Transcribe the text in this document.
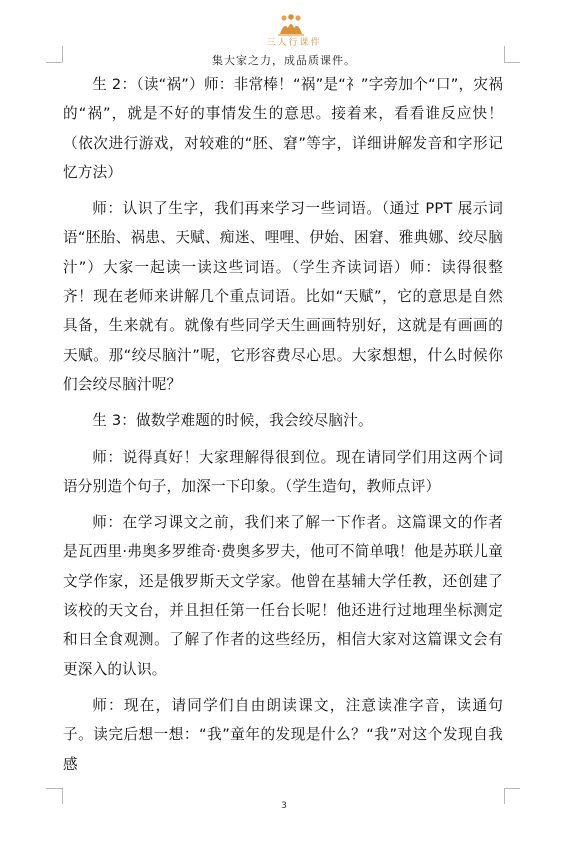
三人行课件
集大家之力，成品质课件。

生 2：（读“祸”）师：非常棒！“祸”是“礻”字旁加个“口”，灾祸的“祸”，就是不好的事情发生的意思。接着来，看看谁反应快！（依次进行游戏，对较难的“胚、窘”等字，详细讲解发音和字形记忆方法）

师：认识了生字，我们再来学习一些词语。（通过 PPT 展示词语“胚胎、祸患、天赋、痴迷、哩哩、伊始、困窘、雅典娜、绞尽脑汁”）大家一起读一读这些词语。（学生齐读词语）师：读得很整齐！现在老师来讲解几个重点词语。比如“天赋”，它的意思是自然具备，生来就有。就像有些同学天生画画特别好，这就是有画画的天赋。那“绞尽脑汁”呢，它形容费尽心思。大家想想，什么时候你们会绞尽脑汁呢？

生 3：做数学难题的时候，我会绞尽脑汁。

师：说得真好！大家理解得很到位。现在请同学们用这两个词语分别造个句子，加深一下印象。（学生造句，教师点评）

师：在学习课文之前，我们来了解一下作者。这篇课文的作者是瓦西里·弗奥多罗维奇·费奥多罗夫，他可不简单哦！他是苏联儿童文学作家，还是俄罗斯天文学家。他曾在基辅大学任教，还创建了该校的天文台，并且担任第一任台长呢！他还进行过地理坐标测定和日全食观测。了解了作者的这些经历，相信大家对这篇课文会有更深入的认识。

师：现在，请同学们自由朗读课文，注意读准字音，读通句子。读完后想一想：“我”童年的发现是什么？“我”对这个发现自我感

3
